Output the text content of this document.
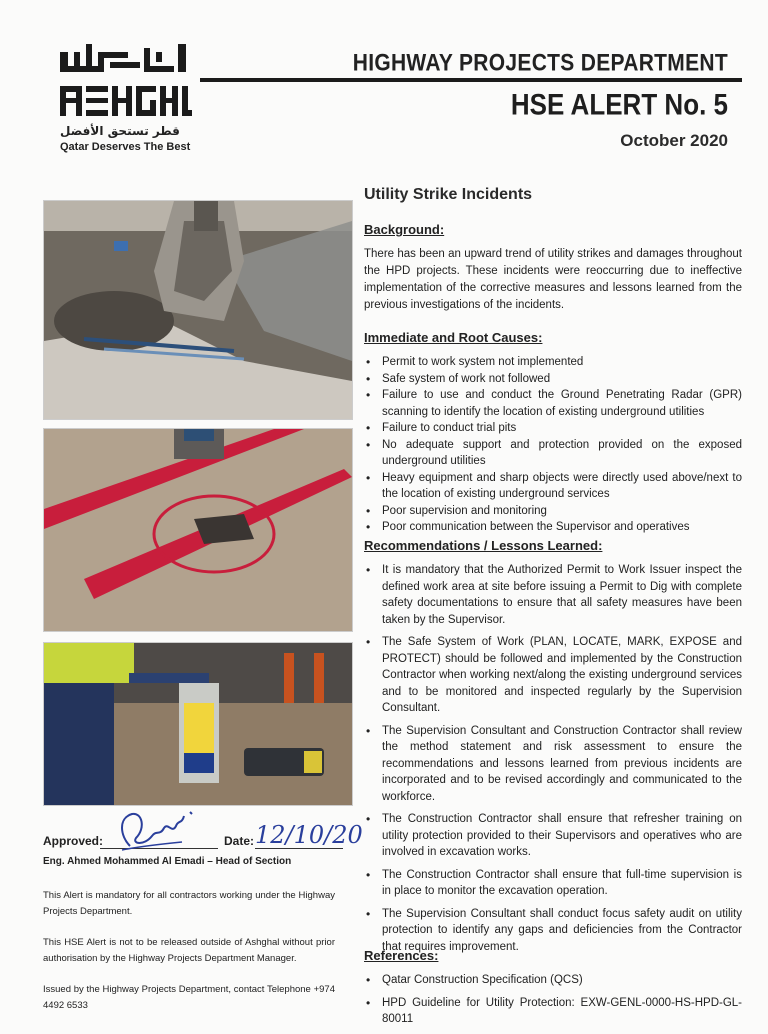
قطر تستحق الأفضل
Qatar Deserves The Best
HIGHWAY PROJECTS DEPARTMENT
HSE ALERT No. 5
October 2020
Approved:	Date: 12/10/20
Eng. Ahmed Mohammed Al Emadi – Head of Section
This Alert is mandatory for all contractors working under the Highway Projects Department.
This HSE Alert is not to be released outside of Ashghal without prior authorisation by the Highway Projects Department Manager.
Issued by the Highway Projects Department, contact Telephone +974 4492 6533
Utility Strike Incidents
Background:
There has been an upward trend of utility strikes and damages throughout the HPD projects. These incidents were reoccurring due to ineffective implementation of the corrective measures and lessons learned from the previous investigations of the incidents.
Immediate and Root Causes:
• Permit to work system not implemented
• Safe system of work not followed
• Failure to use and conduct the Ground Penetrating Radar (GPR) scanning to identify the location of existing underground utilities
• Failure to conduct trial pits
• No adequate support and protection provided on the exposed underground utilities
• Heavy equipment and sharp objects were directly used above/next to the location of existing underground services
• Poor supervision and monitoring
• Poor communication between the Supervisor and operatives
Recommendations / Lessons Learned:
• It is mandatory that the Authorized Permit to Work Issuer inspect the defined work area at site before issuing a Permit to Dig with complete safety documentations to ensure that all safety measures have been taken by the Supervisor.
• The Safe System of Work (PLAN, LOCATE, MARK, EXPOSE and PROTECT) should be followed and implemented by the Construction Contractor when working next/along the existing underground services and to be monitored and inspected regularly by the Supervision Consultant.
• The Supervision Consultant and Construction Contractor shall review the method statement and risk assessment to ensure the recommendations and lessons learned from previous incidents are incorporated and to be revised accordingly and communicated to the workforce.
• The Construction Contractor shall ensure that refresher training on utility protection provided to their Supervisors and operatives who are involved in excavation works.
• The Construction Contractor shall ensure that full-time supervision is in place to monitor the excavation operation.
• The Supervision Consultant shall conduct focus safety audit on utility protection to identify any gaps and deficiencies from the Contractor that requires improvement.
References:
• Qatar Construction Specification (QCS)
• HPD Guideline for Utility Protection: EXW-GENL-0000-HS-HPD-GL-80011
